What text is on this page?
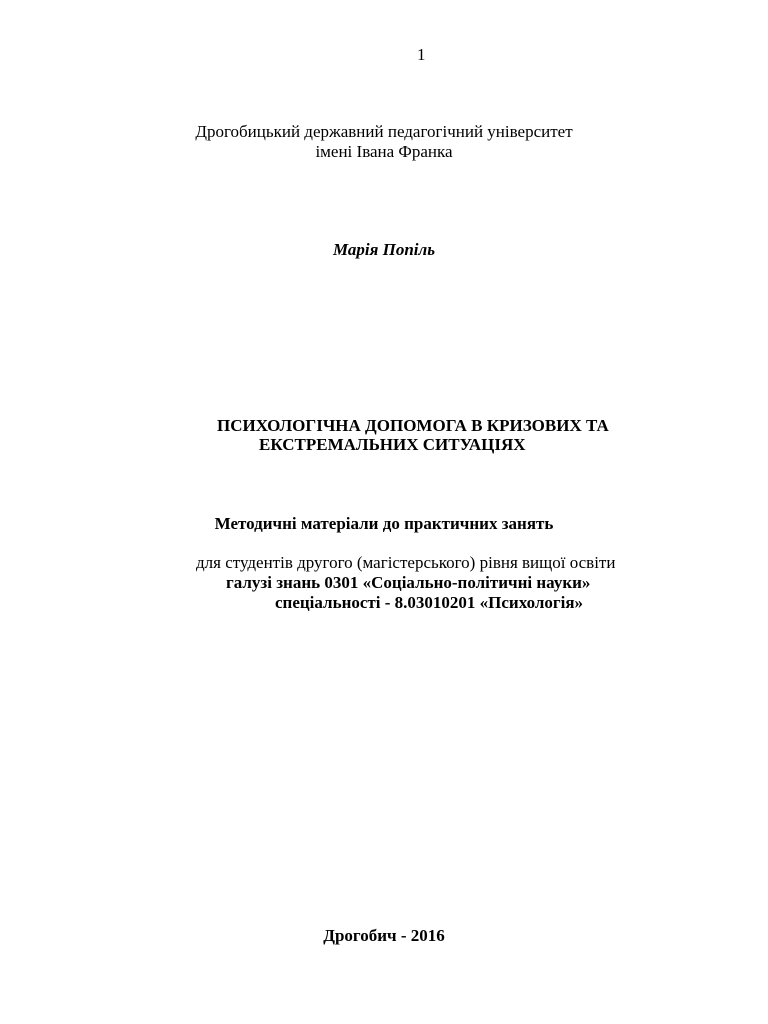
1
Дрогобицький державний педагогічний університет
імені Івана Франка
Марія Попіль
ПСИХОЛОГІЧНА ДОПОМОГА В КРИЗОВИХ ТА
ЕКСТРЕМАЛЬНИХ СИТУАЦІЯХ
Методичні матеріали до практичних занять
для студентів другого (магістерського) рівня вищої освіти
галузі знань 0301 «Соціально-політичні науки»
спеціальності - 8.03010201 «Психологія»
Дрогобич - 2016
